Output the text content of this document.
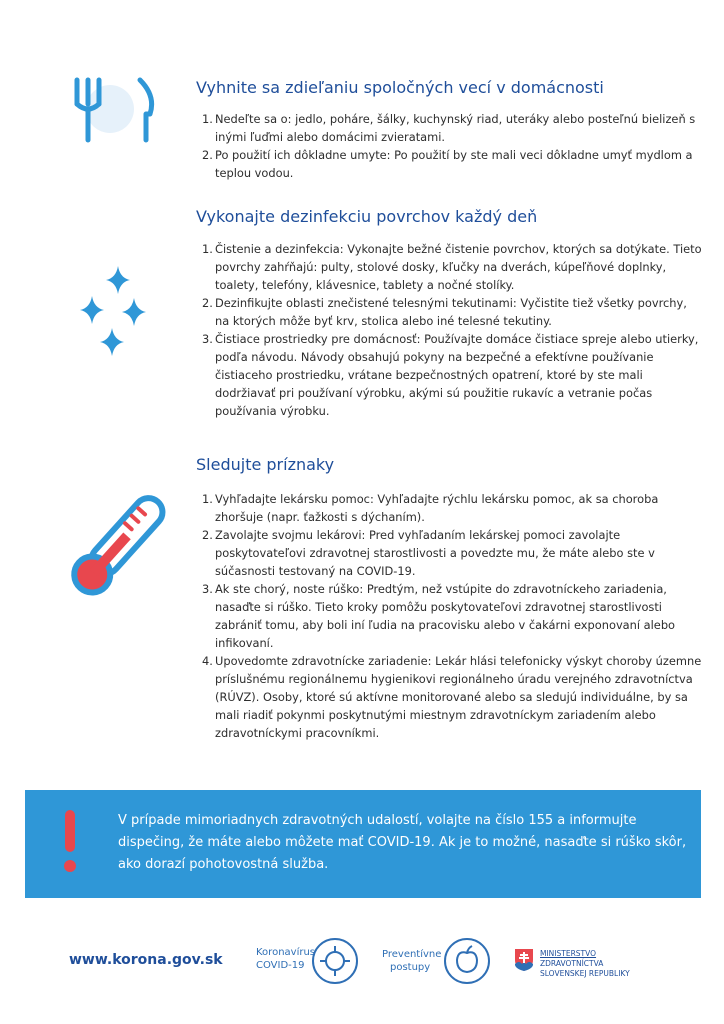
Vyhnite sa zdieľaniu spoločných vecí v domácnosti
1. Nedeľte sa o: jedlo, poháre, šálky, kuchynský riad, uteráky alebo posteľnú bielizeň s inými ľuďmi alebo domácimi zvieratami.
2. Po použití ich dôkladne umyte: Po použití by ste mali veci dôkladne umyť mydlom a teplou vodou.
Vykonajte dezinfekciu povrchov každý deň
1. Čistenie a dezinfekcia: Vykonajte bežné čistenie povrchov, ktorých sa dotýkate. Tieto povrchy zahŕňajú: pulty, stolové dosky, kľučky na dverách, kúpeľňové doplnky, toalety, telefóny, klávesnice, tablety a nočné stolíky.
2. Dezinfikujte oblasti znečistené telesnými tekutinami: Vyčistite tiež všetky povrchy, na ktorých môže byť krv, stolica alebo iné telesné tekutiny.
3. Čistiace prostriedky pre domácnosť: Používajte domáce čistiace spreje alebo utierky, podľa návodu. Návody obsahujú pokyny na bezpečné a efektívne používanie čistiaceho prostriedku, vrátane bezpečnostných opatrení, ktoré by ste mali dodržiavať pri používaní výrobku, akými sú použitie rukavíc a vetranie počas používania výrobku.
Sledujte príznaky
1. Vyhľadajte lekársku pomoc: Vyhľadajte rýchlu lekársku pomoc, ak sa choroba zhoršuje (napr. ťažkosti s dýchaním).
2. Zavolajte svojmu lekárovi: Pred vyhľadaním lekárskej pomoci zavolajte poskytovateľovi zdravotnej starostlivosti a povedzte mu, že máte alebo ste v súčasnosti testovaný na COVID-19.
3. Ak ste chorý, noste rúško: Predtým, než vstúpite do zdravotníckeho zariadenia, nasaďte si rúško. Tieto kroky pomôžu poskytovateľovi zdravotnej starostlivosti zabrániť tomu, aby boli iní ľudia na pracovisku alebo v čakárni exponovaní alebo infikovaní.
4. Upovedomte zdravotnícke zariadenie: Lekár hlási telefonicky výskyt choroby územne príslušnému regionálnemu hygienikovi regionálneho úradu verejného zdravotníctva (RÚVZ). Osoby, ktoré sú aktívne monitorované alebo sa sledujú individuálne, by sa mali riadiť pokynmi poskytnutými miestnym zdravotníckym zariadením alebo zdravotníckymi pracovníkmi.

V prípade mimoriadnych zdravotných udalostí, volajte na číslo 155 a informujte dispečing, že máte alebo môžete mať COVID-19. Ak je to možné, nasaďte si rúško skôr, ako dorazí pohotovostná služba.

www.korona.gov.sk	Koronavírus
COVID-19
Preventívne
postupy
MINISTERSTVO
ZDRAVOTNÍCTVA
SLOVENSKEJ REPUBLIKY
